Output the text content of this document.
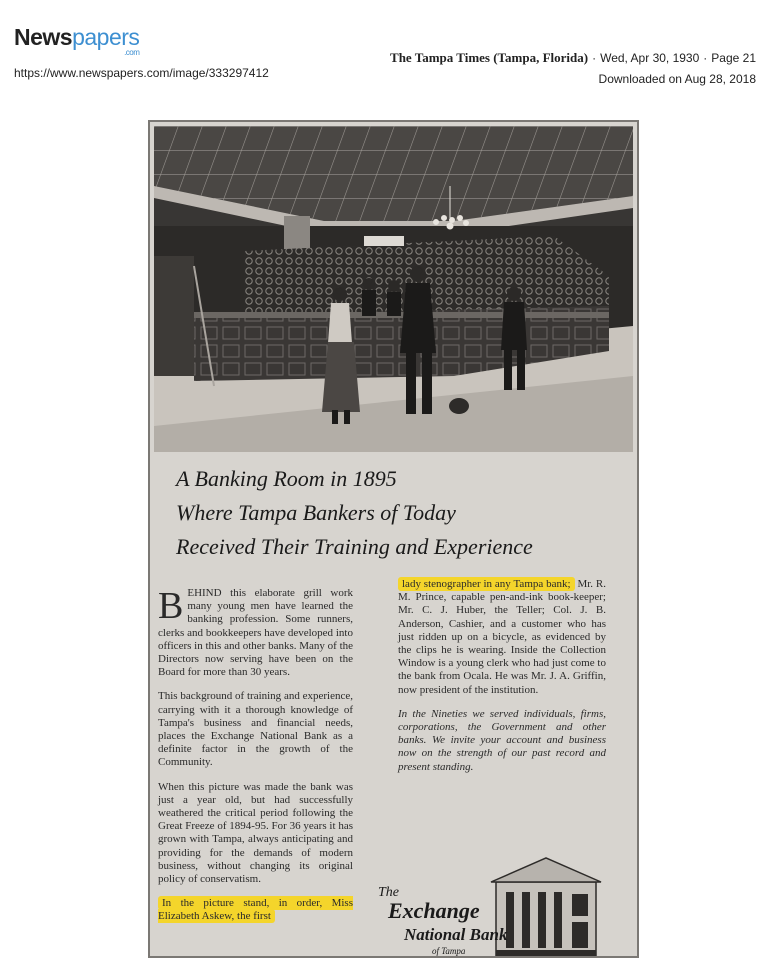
Newspapers
.com
https://www.newspapers.com/image/333297412
The Tampa Times (Tampa, Florida) · Wed, Apr 30, 1930 · Page 21
Downloaded on Aug 28, 2018
A Banking Room in 1895
Where Tampa Bankers of Today
Received Their Training and Experience

BEHIND this elaborate grill work many young men have learned the banking profession. Some runners, clerks and bookkeepers have developed into officers in this and other banks. Many of the Directors now serving have been on the Board for more than 30 years.

This background of training and experience, carrying with it a thorough knowledge of Tampa's business and financial needs, places the Exchange National Bank as a definite factor in the growth of the Community.

When this picture was made the bank was just a year old, but had successfully weathered the critical period following the Great Freeze of 1894-95. For 36 years it has grown with Tampa, always anticipating and providing for the demands of modern business, without changing its original policy of conservatism.

In the picture stand, in order, Miss Elizabeth Askew, the first

lady stenographer in any Tampa bank; Mr. R. M. Prince, capable pen-and-ink book-keeper; Mr. C. J. Huber, the Teller; Col. J. B. Anderson, Cashier, and a customer who has just ridden up on a bicycle, as evidenced by the clips he is wearing. Inside the Collection Window is a young clerk who had just come to the bank from Ocala. He was Mr. J. A. Griffin, now president of the institution.

In the Nineties we served individuals, firms, corporations, the Government and other banks. We invite your account and business now on the strength of our past record and present standing.

The
Exchange
National Bank
of Tampa
